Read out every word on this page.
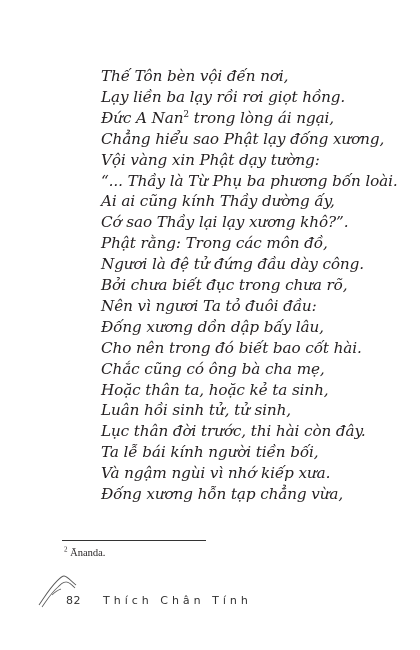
Thế Tôn bèn vội đến nơi,
Lạy liền ba lạy rồi rơi giọt hồng.
Đức A Nan$^2$ trong lòng ái ngại,
Chẳng hiểu sao Phật lạy đống xương,
Vội vàng xin Phật dạy tường:
“... Thầy là Từ Phụ ba phương bốn loài.
Ai ai cũng kính Thầy dường ấy,
Cớ sao Thầy lại lạy xương khô?”.
Phật rằng: Trong các môn đồ,
Ngươi là đệ tử đứng đầu dày công.
Bởi chưa biết đục trong chưa rõ,
Nên vì ngươi Ta tỏ đuôi đầu:
Đống xương dồn dập bấy lâu,
Cho nên trong đó biết bao cốt hài.
Chắc cũng có ông bà cha mẹ,
Hoặc thân ta, hoặc kẻ ta sinh,
Luân hồi sinh tử, tử sinh,
Lục thân đời trước, thi hài còn đây.
Ta lễ bái kính người tiền bối,
Và ngậm ngùi vì nhớ kiếp xưa.
Đống xương hỗn tạp chẳng vừa,
$^2$ Ānanda.
82 Thích Chân Tính
